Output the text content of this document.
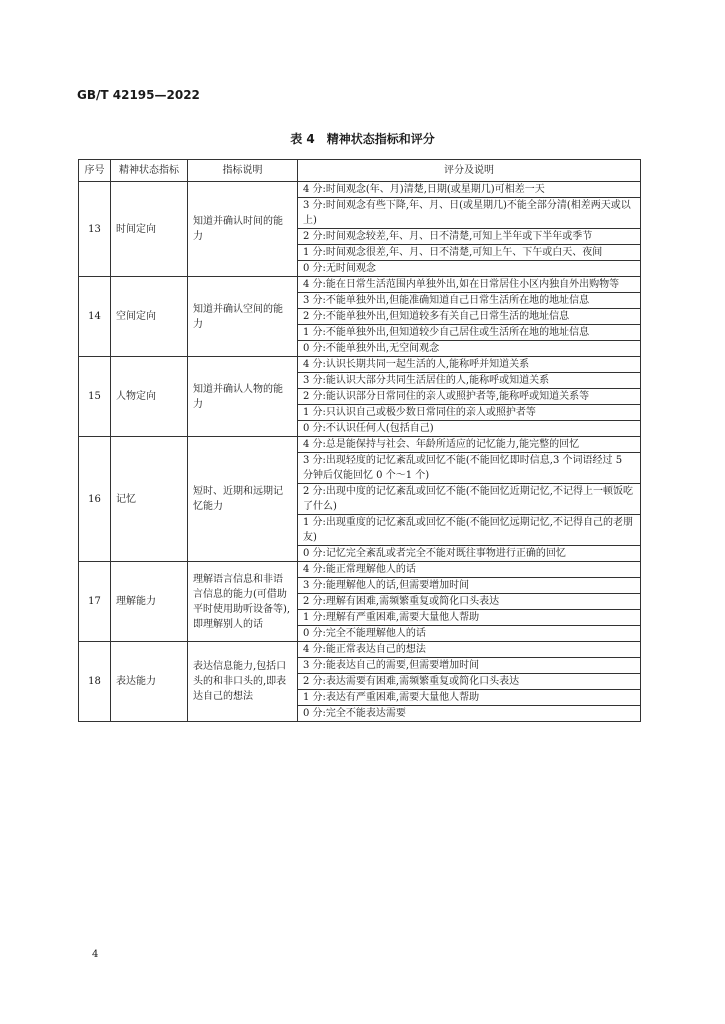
GB/T 42195—2022
表 4　精神状态指标和评分
序号	精神状态指标	指标说明	评分及说明
13	时间定向	知道并确认时间的能力	4 分:时间观念(年、月)清楚,日期(或星期几)可相差一天
			3 分:时间观念有些下降,年、月、日(或星期几)不能全部分清(相差两天或以上)
			2 分:时间观念较差,年、月、日不清楚,可知上半年或下半年或季节
			1 分:时间观念很差,年、月、日不清楚,可知上午、下午或白天、夜间
			0 分:无时间观念
14	空间定向	知道并确认空间的能力	4 分:能在日常生活范围内单独外出,如在日常居住小区内独自外出购物等
			3 分:不能单独外出,但能准确知道自己日常生活所在地的地址信息
			2 分:不能单独外出,但知道较多有关自己日常生活的地址信息
			1 分:不能单独外出,但知道较少自己居住或生活所在地的地址信息
			0 分:不能单独外出,无空间观念
15	人物定向	知道并确认人物的能力	4 分:认识长期共同一起生活的人,能称呼并知道关系
			3 分:能认识大部分共同生活居住的人,能称呼或知道关系
			2 分:能认识部分日常同住的亲人或照护者等,能称呼或知道关系等
			1 分:只认识自己或极少数日常同住的亲人或照护者等
			0 分:不认识任何人(包括自己)
16	记忆	短时、近期和远期记忆能力	4 分:总是能保持与社会、年龄所适应的记忆能力,能完整的回忆
			3 分:出现轻度的记忆紊乱或回忆不能(不能回忆即时信息,3 个词语经过 5 分钟后仅能回忆 0 个～1 个)
			2 分:出现中度的记忆紊乱或回忆不能(不能回忆近期记忆,不记得上一顿饭吃了什么)
			1 分:出现重度的记忆紊乱或回忆不能(不能回忆远期记忆,不记得自己的老朋友)
			0 分:记忆完全紊乱或者完全不能对既往事物进行正确的回忆
17	理解能力	理解语言信息和非语言信息的能力(可借助平时使用助听设备等),即理解别人的话	4 分:能正常理解他人的话
			3 分:能理解他人的话,但需要增加时间
			2 分:理解有困难,需频繁重复或简化口头表达
			1 分:理解有严重困难,需要大量他人帮助
			0 分:完全不能理解他人的话
18	表达能力	表达信息能力,包括口头的和非口头的,即表达自己的想法	4 分:能正常表达自己的想法
			3 分:能表达自己的需要,但需要增加时间
			2 分:表达需要有困难,需频繁重复或简化口头表达
			1 分:表达有严重困难,需要大量他人帮助
			0 分:完全不能表达需要
4
